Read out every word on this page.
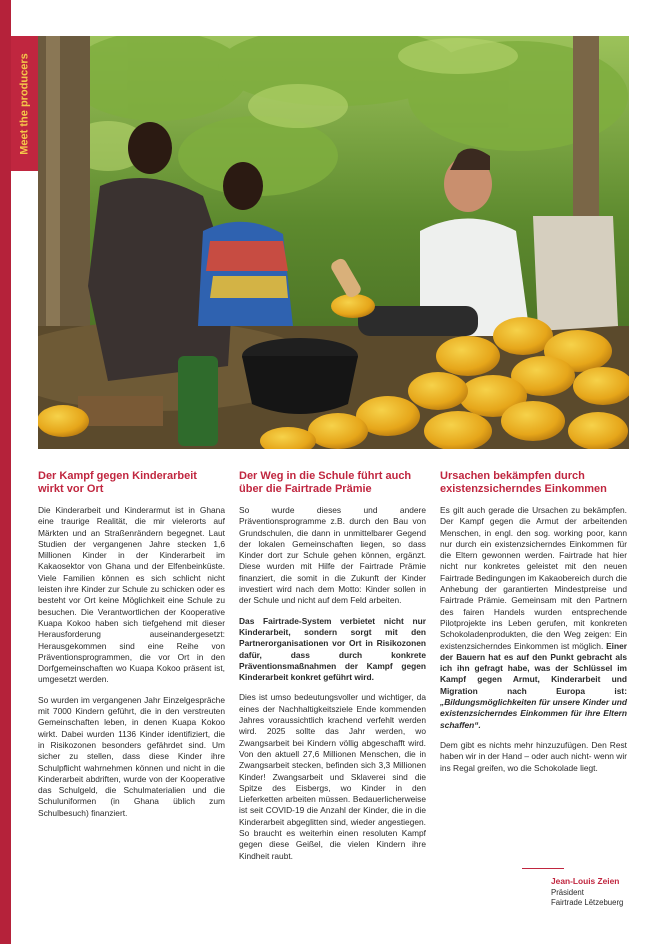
Meet the producers
Der Kampf gegen Kinderarbeit wirkt vor Ort

Die Kinderarbeit und Kinderarmut ist in Ghana eine traurige Realität, die mir vielerorts auf Märkten und an Straßenrändern begegnet. Laut Studien der vergangenen Jahre stecken 1,6 Millionen Kinder in der Kinderarbeit im Kakaosektor von Ghana und der Elfenbeinküste. Viele Familien können es sich schlicht nicht leisten ihre Kinder zur Schule zu schicken oder es besteht vor Ort keine Möglichkeit eine Schule zu besuchen. Die Verantwortlichen der Kooperative Kuapa Kokoo haben sich tiefgehend mit dieser Herausforderung auseinandergesetzt: Herausgekommen sind eine Reihe von Präventionsprogrammen, die vor Ort in den Dorfgemeinschaften wo Kuapa Kokoo präsent ist, umgesetzt werden.

So wurden im vergangenen Jahr Einzelgespräche mit 7000 Kindern geführt, die in den verstreuten Gemeinschaften leben, in denen Kuapa Kokoo wirkt. Dabei wurden 1136 Kinder identifiziert, die in Risikozonen besonders gefährdet sind. Um sicher zu stellen, dass diese Kinder ihre Schulpflicht wahrnehmen können und nicht in die Kinderarbeit abdriften, wurde von der Kooperative das Schulgeld, die Schulmaterialien und die Schuluniformen (in Ghana üblich zum Schulbesuch) finanziert.

Der Weg in die Schule führt auch über die Fairtrade Prämie

So wurde dieses und andere Präventionsprogramme z.B. durch den Bau von Grundschulen, die dann in unmittelbarer Gegend der lokalen Gemeinschaften liegen, so dass Kinder dort zur Schule gehen können, ergänzt. Diese wurden mit Hilfe der Fairtrade Prämie finanziert, die somit in die Zukunft der Kinder investiert wird nach dem Motto: Kinder sollen in der Schule und nicht auf dem Feld arbeiten.

Das Fairtrade-System verbietet nicht nur Kinderarbeit, sondern sorgt mit den Partnerorganisationen vor Ort in Risikozonen dafür, dass durch konkrete Präventionsmaßnahmen der Kampf gegen Kinderarbeit konkret geführt wird.

Dies ist umso bedeutungsvoller und wichtiger, da eines der Nachhaltigkeitsziele Ende kommenden Jahres voraussichtlich krachend verfehlt werden wird. 2025 sollte das Jahr werden, wo Zwangsarbeit bei Kindern völlig abgeschafft wird. Von den aktuell 27,6 Millionen Menschen, die in Zwangsarbeit stecken, befinden sich 3,3 Millionen Kinder! Zwangsarbeit und Sklaverei sind die Spitze des Eisbergs, wo Kinder in den Lieferketten arbeiten müssen. Bedauerlicherweise ist seit COVID-19 die Anzahl der Kinder, die in die Kinderarbeit abgeglitten sind, wieder angestiegen. So braucht es weiterhin einen resoluten Kampf gegen diese Geißel, die vielen Kindern ihre Kindheit raubt.

Ursachen bekämpfen durch existenzsicherndes Einkommen

Es gilt auch gerade die Ursachen zu bekämpfen. Der Kampf gegen die Armut der arbeitenden Menschen, in engl. den sog. working poor, kann nur durch ein existenzsicherndes Einkommen für die Eltern gewonnen werden. Fairtrade hat hier nicht nur konkretes geleistet mit den neuen Fairtrade Bedingungen im Kakaobereich durch die Anhebung der garantierten Mindestpreise und Fairtrade Prämie. Gemeinsam mit den Partnern des fairen Handels wurden entsprechende Pilotprojekte ins Leben gerufen, mit konkreten Schokoladenprodukten, die den Weg zeigen: Ein existenzsicherndes Einkommen ist möglich. Einer der Bauern hat es auf den Punkt gebracht als ich ihn gefragt habe, was der Schlüssel im Kampf gegen Armut, Kinderarbeit und Migration nach Europa ist: „Bildungsmöglichkeiten für unsere Kinder und existenzsicherndes Einkommen für ihre Eltern schaffen“.

Dem gibt es nichts mehr hinzuzufügen. Den Rest haben wir in der Hand – oder auch nicht- wenn wir ins Regal greifen, wo die Schokolade liegt.

Jean-Louis Zeien
Präsident
Fairtrade Lëtzebuerg
